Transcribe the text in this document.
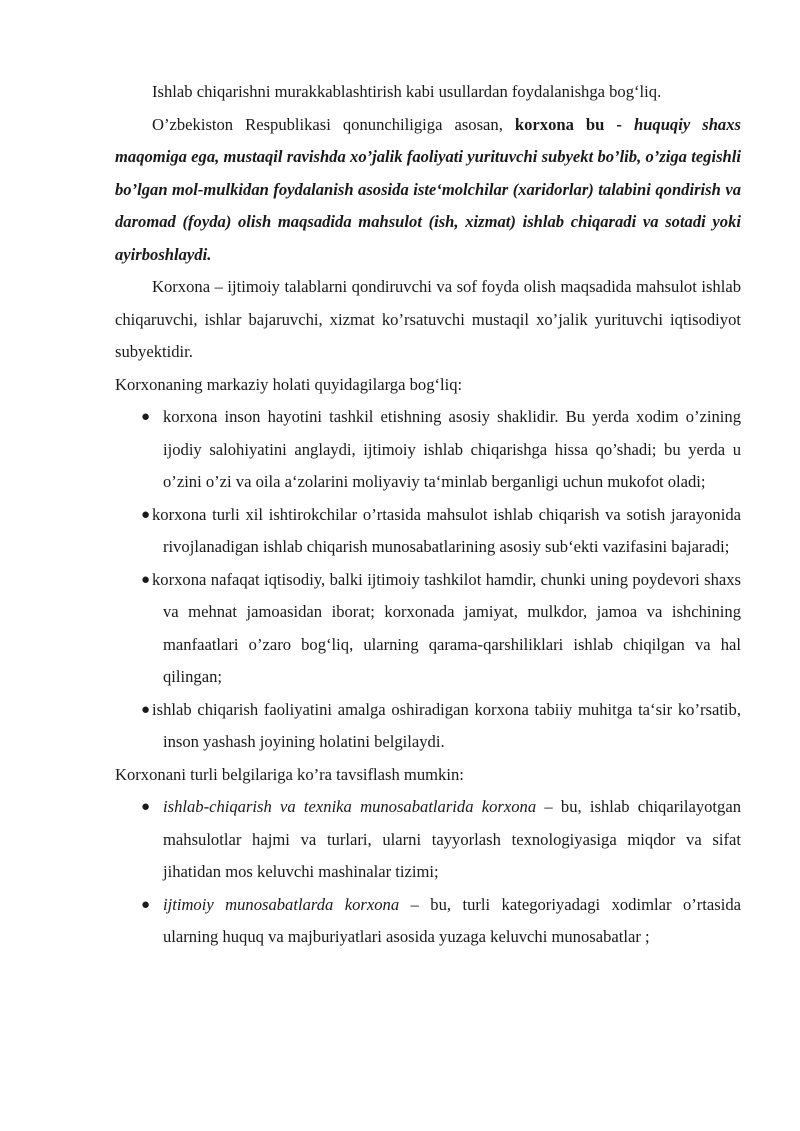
Ishlab chiqarishni murakkablashtirish kabi usullardan foydalanishga bogʻliq.

O’zbekiston Respublikasi qonunchiligiga asosan, korxona bu - huquqiy shaxs maqomiga ega, mustaqil ravishda xo’jalik faoliyati yurituvchi subyekt bo’lib, o’ziga tegishli bo’lgan mol-mulkidan foydalanish asosida isteʻmolchilar (xaridorlar) talabini qondirish va daromad (foyda) olish maqsadida mahsulot (ish, xizmat) ishlab chiqaradi va sotadi yoki ayirboshlaydi.

Korxona – ijtimoiy talablarni qondiruvchi va sof foyda olish maqsadida mahsulot ishlab chiqaruvchi, ishlar bajaruvchi, xizmat ko’rsatuvchi mustaqil xo’jalik yurituvchi iqtisodiyot subyektidir.

Korxonaning markaziy holati quyidagilarga bogʻliq:

● korxona inson hayotini tashkil etishning asosiy shaklidir. Bu yerda xodim o’zining ijodiy salohiyatini anglaydi, ijtimoiy ishlab chiqarishga hissa qo’shadi; bu yerda u o’zini o’zi va oila aʻzolarini moliyaviy taʻminlab berganligi uchun mukofot oladi;
● korxona turli xil ishtirokchilar o’rtasida mahsulot ishlab chiqarish va sotish jarayonida rivojlanadigan ishlab chiqarish munosabatlarining asosiy subʻekti vazifasini bajaradi;
● korxona nafaqat iqtisodiy, balki ijtimoiy tashkilot hamdir, chunki uning poydevori shaxs va mehnat jamoasidan iborat; korxonada jamiyat, mulkdor, jamoa va ishchining manfaatlari o’zaro bogʻliq, ularning qarama-qarshiliklari ishlab chiqilgan va hal qilingan;
● ishlab chiqarish faoliyatini amalga oshiradigan korxona tabiiy muhitga taʻsir ko’rsatib, inson yashash joyining holatini belgilaydi.

Korxonani turli belgilariga ko’ra tavsiflash mumkin:

● ishlab-chiqarish va texnika munosabatlarida korxona – bu, ishlab chiqarilayotgan mahsulotlar hajmi va turlari, ularni tayyorlash texnologiyasiga miqdor va sifat jihatidan mos keluvchi mashinalar tizimi;
● ijtimoiy munosabatlarda korxona – bu, turli kategoriyadagi xodimlar o’rtasida ularning huquq va majburiyatlari asosida yuzaga keluvchi munosabatlar ;
